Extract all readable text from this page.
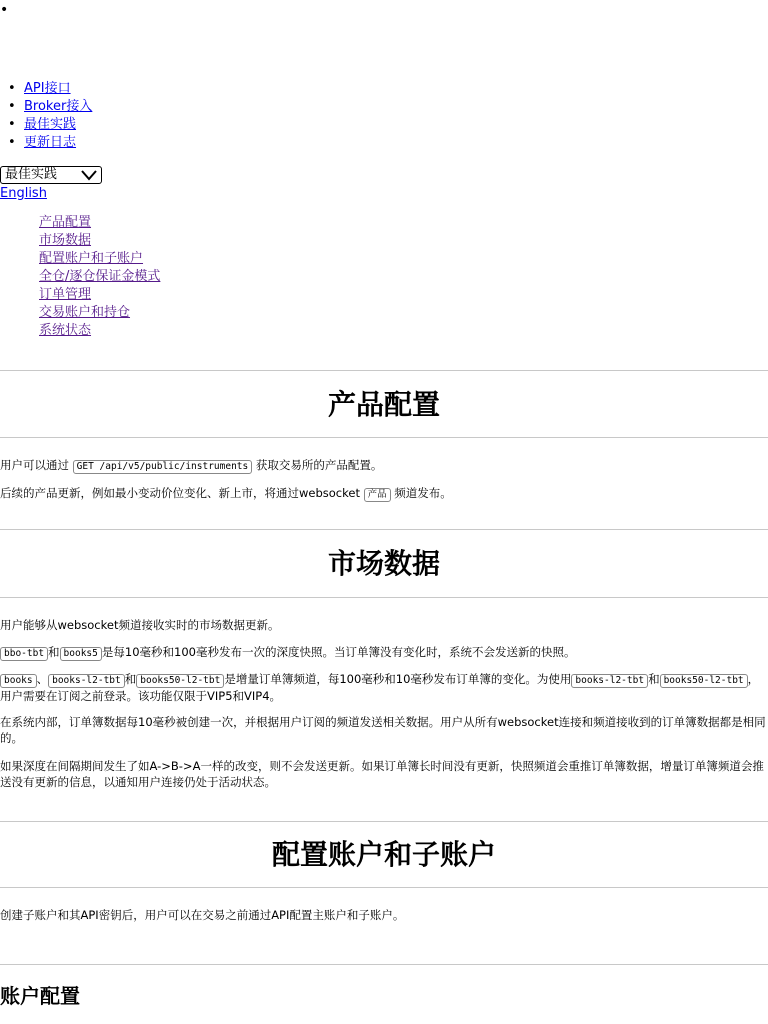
•
• API接口
• Broker接入
• 最佳实践
• 更新日志
最佳实践
English
产品配置
市场数据
配置账户和子账户
全仓/逐仓保证金模式
订单管理
交易账户和持仓
系统状态
产品配置
用户可以通过 GET /api/v5/public/instruments 获取交易所的产品配置。
后续的产品更新，例如最小变动价位变化、新上市，将通过websocket 产品 频道发布。
市场数据
用户能够从websocket频道接收实时的市场数据更新。
bbo-tbt 和 books5 是每10毫秒和100毫秒发布一次的深度快照。当订单簿没有变化时，系统不会发送新的快照。
books 、 books-l2-tbt 和 books50-l2-tbt 是增量订单簿频道，每100毫秒和10毫秒发布订单簿的变化。为使用 books-l2-tbt 和 books50-l2-tbt ，用户需要在订阅之前登录。该功能仅限于VIP5和VIP4。
在系统内部，订单簿数据每10毫秒被创建一次，并根据用户订阅的频道发送相关数据。用户从所有websocket连接和频道接收到的订单簿数据都是相同的。
如果深度在间隔期间发生了如A->B->A一样的改变，则不会发送更新。如果订单簿长时间没有更新，快照频道会重推订单簿数据，增量订单簿频道会推送没有更新的信息，以通知用户连接仍处于活动状态。
配置账户和子账户
创建子账户和其API密钥后，用户可以在交易之前通过API配置主账户和子账户。
账户配置
